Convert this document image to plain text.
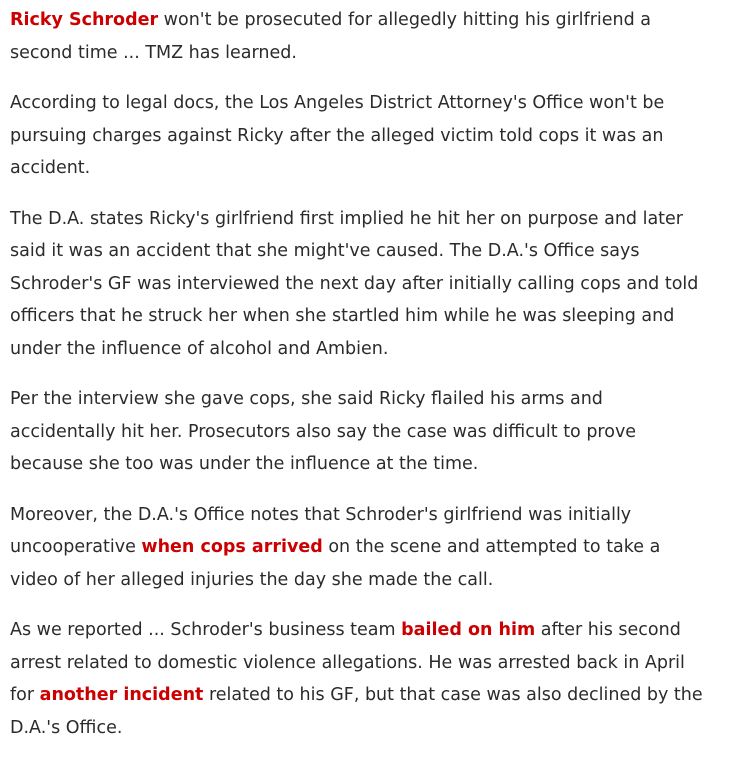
Ricky Schroder won't be prosecuted for allegedly hitting his girlfriend a second time ... TMZ has learned.

According to legal docs, the Los Angeles District Attorney's Office won't be pursuing charges against Ricky after the alleged victim told cops it was an accident.

The D.A. states Ricky's girlfriend first implied he hit her on purpose and later said it was an accident that she might've caused. The D.A.'s Office says Schroder's GF was interviewed the next day after initially calling cops and told officers that he struck her when she startled him while he was sleeping and under the influence of alcohol and Ambien.

Per the interview she gave cops, she said Ricky flailed his arms and accidentally hit her. Prosecutors also say the case was difficult to prove because she too was under the influence at the time.

Moreover, the D.A.'s Office notes that Schroder's girlfriend was initially uncooperative when cops arrived on the scene and attempted to take a video of her alleged injuries the day she made the call.

As we reported ... Schroder's business team bailed on him after his second arrest related to domestic violence allegations. He was arrested back in April for another incident related to his GF, but that case was also declined by the D.A.'s Office.
